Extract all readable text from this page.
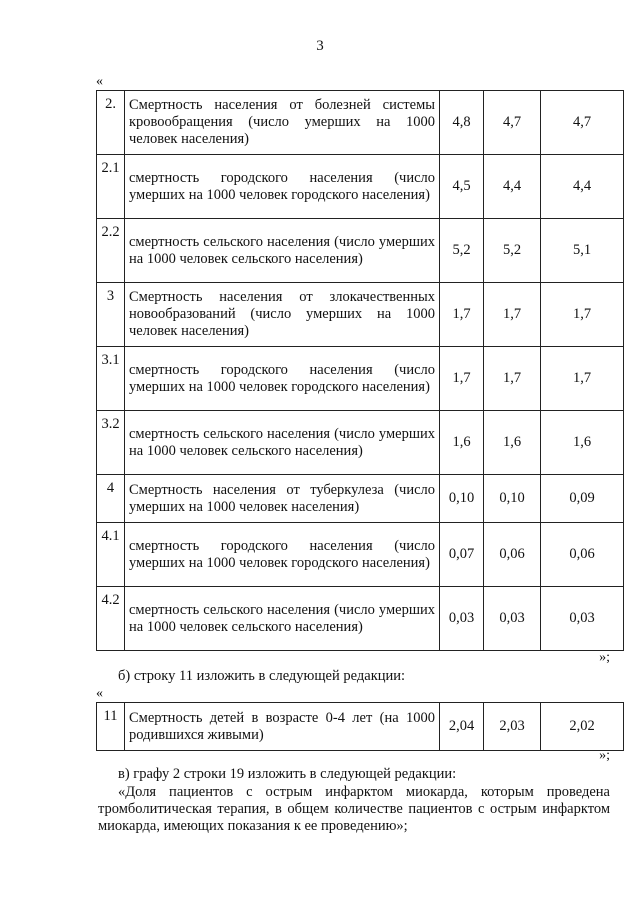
3
«
2.	Смертность населения от болезней системы кровообращения (число умерших на 1000 человек населения)	4,8	4,7	4,7
2.1	смертность городского населения (число умерших на 1000 человек городского населения)	4,5	4,4	4,4
2.2	смертность сельского населения (число умерших на 1000 человек сельского населения)	5,2	5,2	5,1
3	Смертность населения от злокачественных новообразований (число умерших на 1000 человек населения)	1,7	1,7	1,7
3.1	смертность городского населения (число умерших на 1000 человек городского населения)	1,7	1,7	1,7
3.2	смертность сельского населения (число умерших на 1000 человек сельского населения)	1,6	1,6	1,6
4	Смертность населения от туберкулеза (число умерших на 1000 человек населения)	0,10	0,10	0,09
4.1	смертность городского населения (число умерших на 1000 человек городского населения)	0,07	0,06	0,06
4.2	смертность сельского населения (число умерших на 1000 человек сельского населения)	0,03	0,03	0,03
»;
б) строку 11 изложить в следующей редакции:
«
11	Смертность детей в возрасте 0-4 лет (на 1000 родившихся живыми)	2,04	2,03	2,02
»;
в) графу 2 строки 19 изложить в следующей редакции:
«Доля пациентов с острым инфарктом миокарда, которым проведена тромболитическая терапия, в общем количестве пациентов с острым инфарктом миокарда, имеющих показания к ее проведению»;
